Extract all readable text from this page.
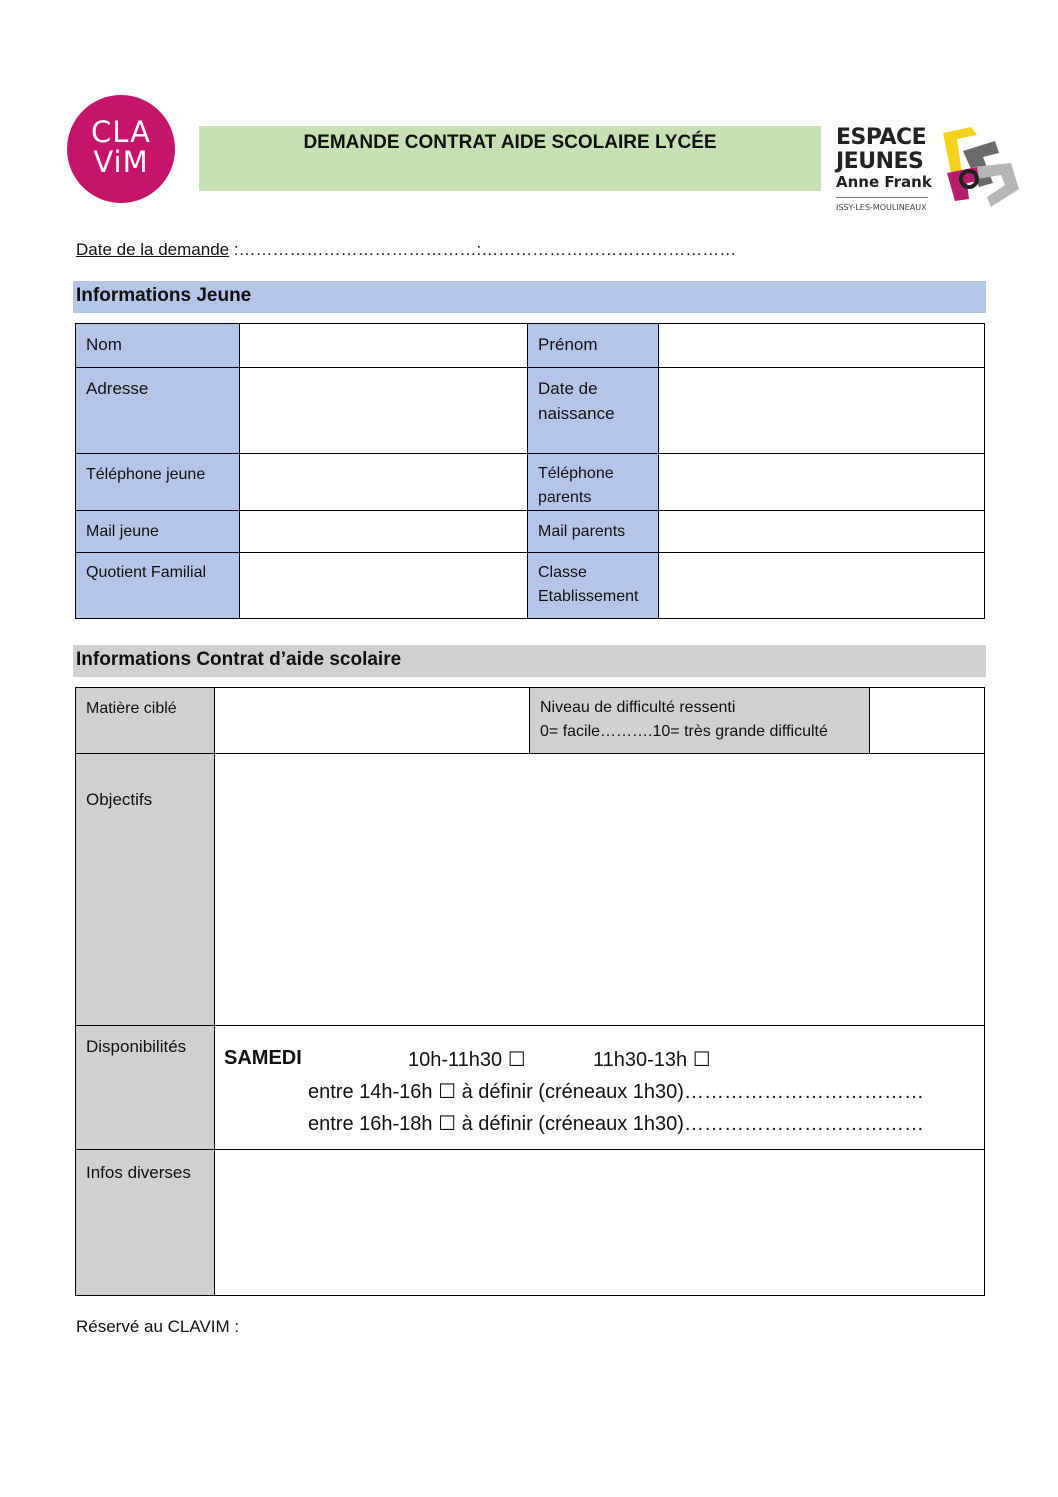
CLA
ViM
DEMANDE CONTRAT AIDE SCOLAIRE LYCÉE	ESPACE
JEUNES
Anne Frank
ISSY-LES-MOULINEAUX
Date de la demande :……………………………………:………………………………………
Informations Jeune
Nom		Prénom	

Adresse		Date de naissance	

Téléphone jeune		Téléphone parents	

Mail jeune		Mail parents	

Quotient Familial		Classe Etablissement	

Informations Contrat d’aide scolaire
Matière ciblé		Niveau de difficulté ressenti
0= facile……….10= très grande difficulté	

Objectifs			

Disponibilités	SAMEDI 10h-11h30 ☐ 11h30-13h ☐
entre 14h-16h ☐ à définir (créneaux 1h30)………………………………
entre 16h-18h ☐ à définir (créneaux 1h30)………………………………		

Infos diverses			

Réservé au CLAVIM :
